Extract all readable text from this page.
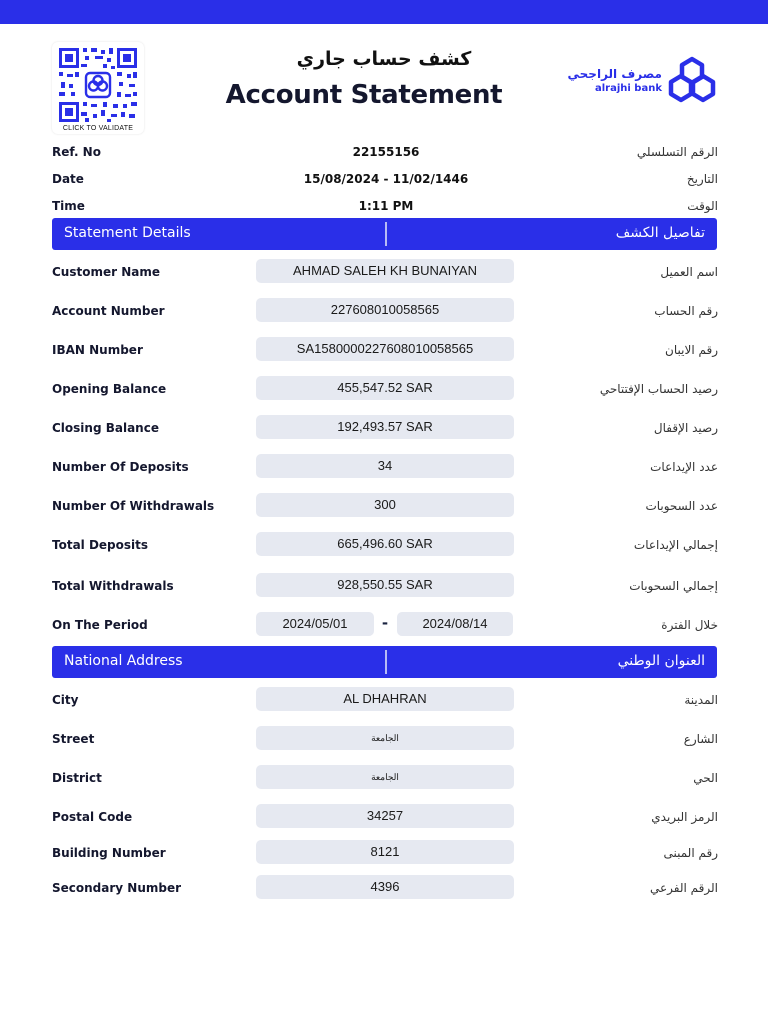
CLICK TO VALIDATE
كشف حساب جاري
Account Statement
مصرف الراجحي
alrajhi bank
Ref. No	22155156	الرقم التسلسلي
Date	15/08/2024 - 11/02/1446	التاريخ
Time	1:11 PM	الوقت
Statement Details	تفاصيل الكشف
Customer Name	AHMAD SALEH KH BUNAIYAN	اسم العميل
Account Number	227608010058565	رقم الحساب
IBAN Number	SA1580000227608010058565	رقم الايبان
Opening Balance	455,547.52 SAR	رصيد الحساب الإفتتاحي
Closing Balance	192,493.57 SAR	رصيد الإقفال
Number Of Deposits	34	عدد الإيداعات
Number Of Withdrawals	300	عدد السحوبات
Total Deposits	665,496.60 SAR	إجمالي الإيداعات
Total Withdrawals	928,550.55 SAR	إجمالي السحوبات
On The Period	2024/05/01	-	2024/08/14	خلال الفترة
National Address	العنوان الوطني
City	AL DHAHRAN	المدينة
Street	الجامعة	الشارع
District	الجامعة	الحي
Postal Code	34257	الرمز البريدي
Building Number	8121	رقم المبنى
Secondary Number	4396	الرقم الفرعي
